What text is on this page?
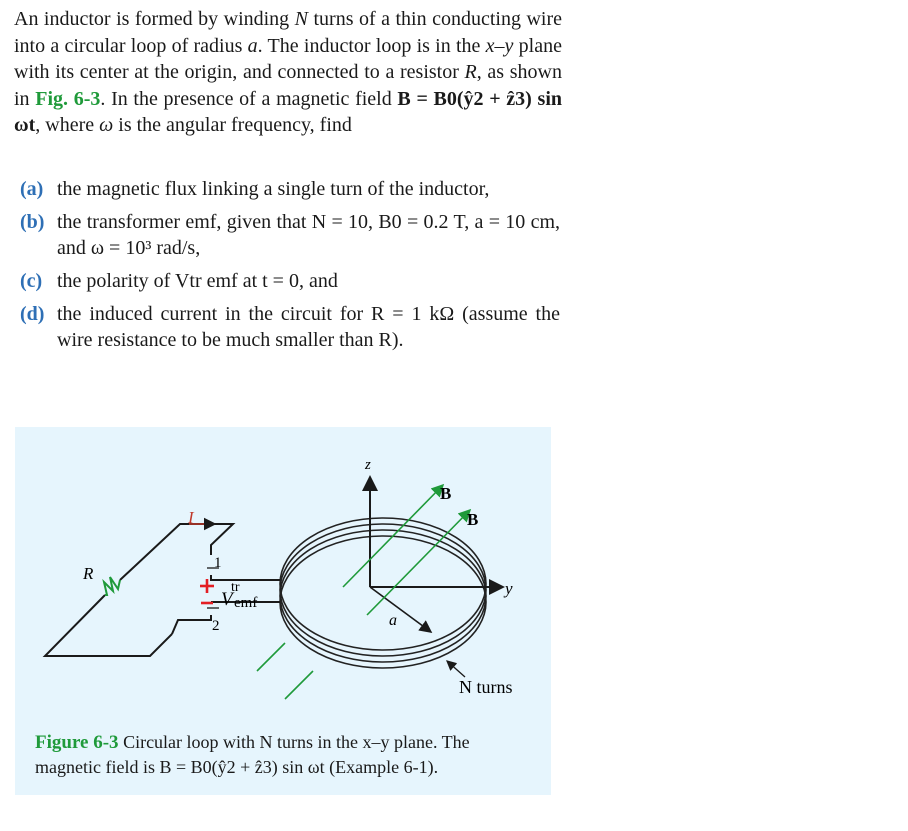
An inductor is formed by winding N turns of a thin conducting wire into a circular loop of radius a. The inductor loop is in the x–y plane with its center at the origin, and connected to a resistor R, as shown in Fig. 6-3. In the presence of a magnetic field B = B0(ŷ2 + ẑ3) sin ωt, where ω is the angular frequency, find

(a) the magnetic flux linking a single turn of the inductor,
(b) the transformer emf, given that N = 10, B0 = 0.2 T, a = 10 cm, and ω = 10³ rad/s,
(c) the polarity of Vtr emf at t = 0, and
(d) the induced current in the circuit for R = 1 kΩ (assume the wire resistance to be much smaller than R).
z
y
B
B
I
R
1
2
V
tr
emf
a
N turns
Figure 6-3 Circular loop with N turns in the x–y plane. The magnetic field is B = B0(ŷ2 + ẑ3) sin ωt (Example 6-1).
